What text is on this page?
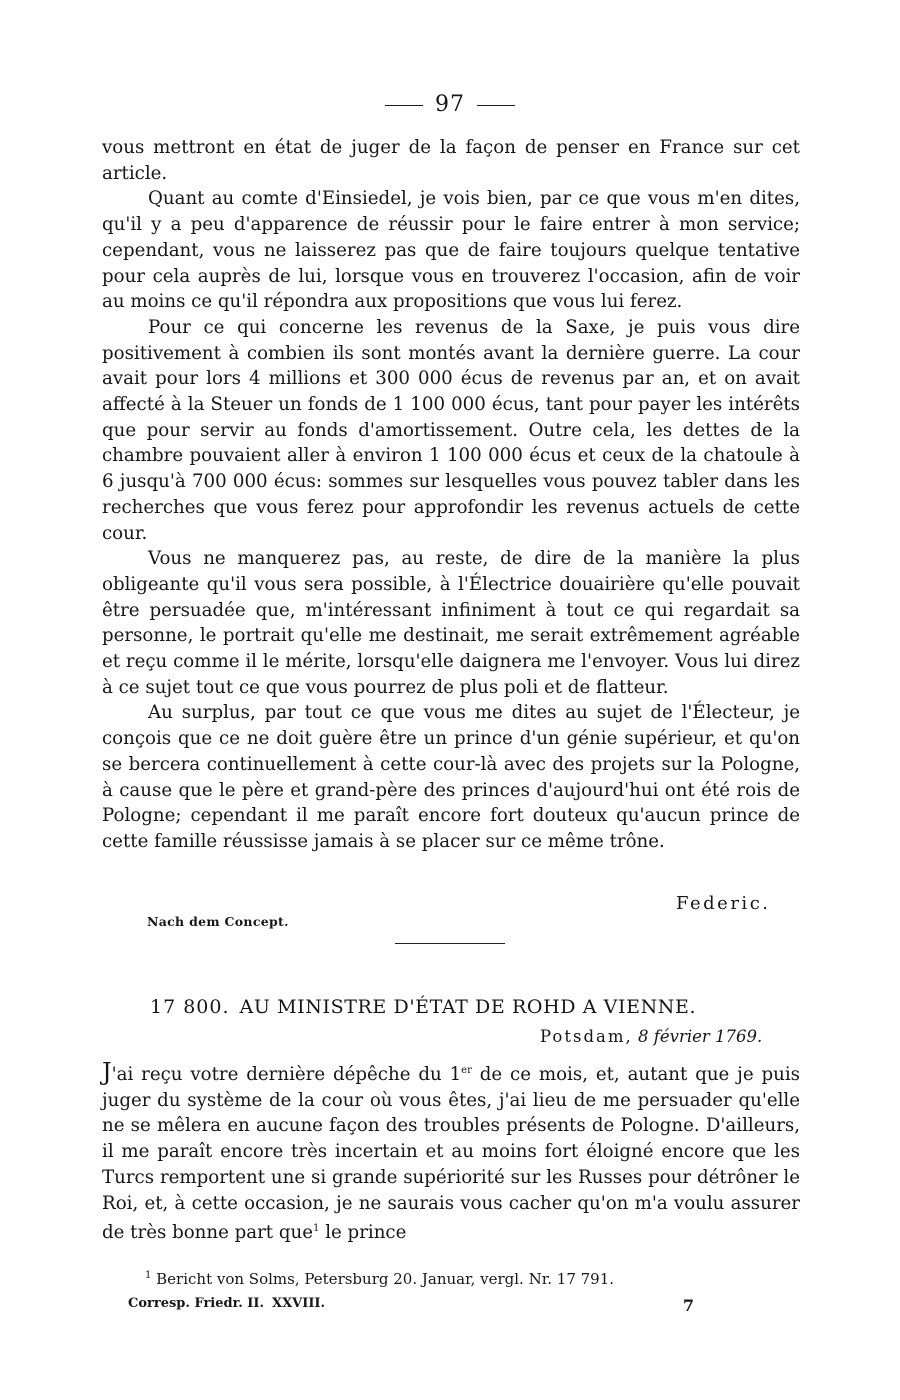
97

vous mettront en état de juger de la façon de penser en France sur cet article.

Quant au comte d'Einsiedel, je vois bien, par ce que vous m'en dites, qu'il y a peu d'apparence de réussir pour le faire entrer à mon service; cependant, vous ne laisserez pas que de faire toujours quelque tentative pour cela auprès de lui, lorsque vous en trouverez l'occasion, afin de voir au moins ce qu'il répondra aux propositions que vous lui ferez.

Pour ce qui concerne les revenus de la Saxe, je puis vous dire positivement à combien ils sont montés avant la dernière guerre. La cour avait pour lors 4 millions et 300 000 écus de revenus par an, et on avait affecté à la Steuer un fonds de 1 100 000 écus, tant pour payer les intérêts que pour servir au fonds d'amortissement. Outre cela, les dettes de la chambre pouvaient aller à environ 1 100 000 écus et ceux de la chatoule à 6 jusqu'à 700 000 écus: sommes sur lesquelles vous pouvez tabler dans les recherches que vous ferez pour approfondir les revenus actuels de cette cour.

Vous ne manquerez pas, au reste, de dire de la manière la plus obligeante qu'il vous sera possible, à l'Électrice douairière qu'elle pouvait être persuadée que, m'intéressant infiniment à tout ce qui regardait sa personne, le portrait qu'elle me destinait, me serait extrêmement agréable et reçu comme il le mérite, lorsqu'elle daignera me l'envoyer. Vous lui direz à ce sujet tout ce que vous pourrez de plus poli et de flatteur.

Au surplus, par tout ce que vous me dites au sujet de l'Électeur, je conçois que ce ne doit guère être un prince d'un génie supérieur, et qu'on se bercera continuellement à cette cour-là avec des projets sur la Pologne, à cause que le père et grand-père des princes d'aujourd'hui ont été rois de Pologne; cependant il me paraît encore fort douteux qu'aucun prince de cette famille réussisse jamais à se placer sur ce même trône.

Federic.
Nach dem Concept.
17 800. AU MINISTRE D'ÉTAT DE ROHD A VIENNE.
Potsdam, 8 février 1769.

J'ai reçu votre dernière dépêche du 1er de ce mois, et, autant que je puis juger du système de la cour où vous êtes, j'ai lieu de me persuader qu'elle ne se mêlera en aucune façon des troubles présents de Pologne. D'ailleurs, il me paraît encore très incertain et au moins fort éloigné encore que les Turcs remportent une si grande supériorité sur les Russes pour détrôner le Roi, et, à cette occasion, je ne saurais vous cacher qu'on m'a voulu assurer de très bonne part que$^1$ le prince

$^1$ Bericht von Solms, Petersburg 20. Januar, vergl. Nr. 17 791.
Corresp. Friedr. II. XXVIII.	7
